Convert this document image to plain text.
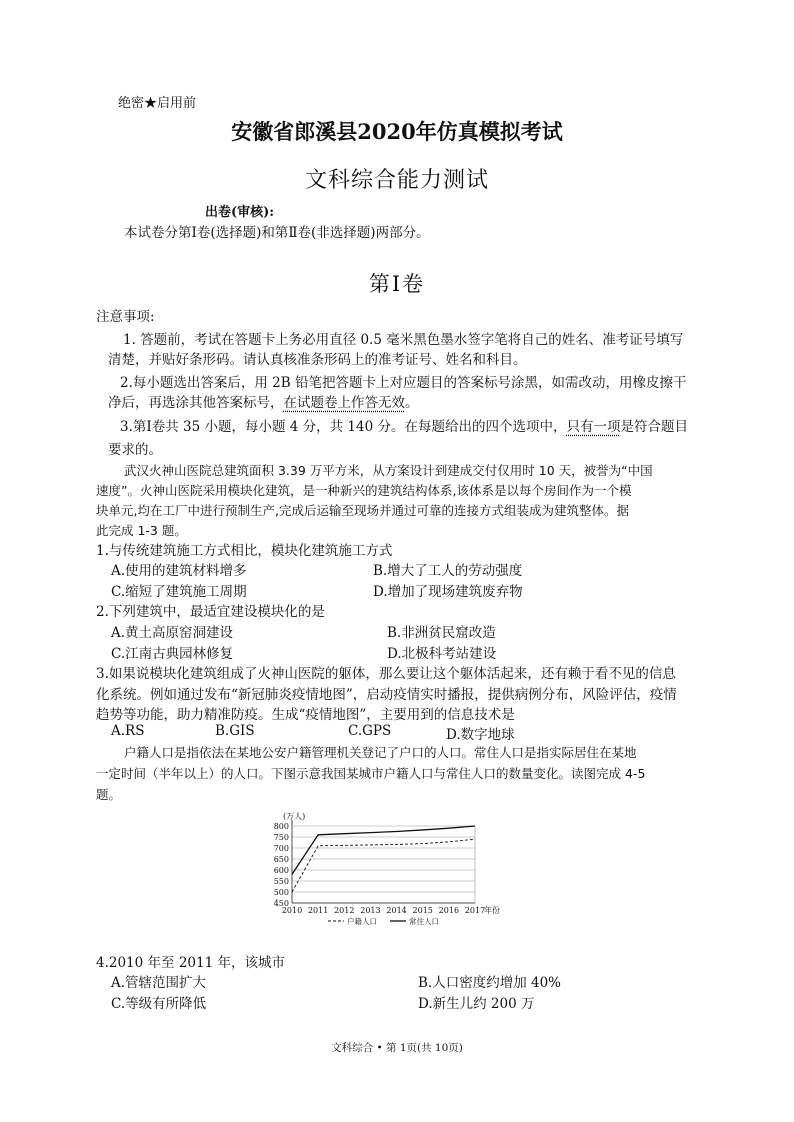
绝密★启用前
安徽省郎溪县2020年仿真模拟考试
文科综合能力测试
出卷(审核):
本试卷分第Ⅰ卷(选择题)和第Ⅱ卷(非选择题)两部分。
第Ⅰ卷
注意事项:
1. 答题前，考试在答题卡上务必用直径 0.5 毫米黑色墨水签字笔将自己的姓名、准考证号填写
清楚，并贴好条形码。请认真核准条形码上的准考证号、姓名和科目。
2.每小题选出答案后，用 2B 铅笔把答题卡上对应题目的答案标号涂黑，如需改动，用橡皮擦干
净后，再选涂其他答案标号，在试题卷上作答无效。
3.第Ⅰ卷共 35 小题，每小题 4 分，共 140 分。在每题给出的四个选项中，只有一项是符合题目
要求的。
武汉火神山医院总建筑面积 3.39 万平方米，从方案设计到建成交付仅用时 10 天，被誉为“中国
速度”。火神山医院采用模块化建筑，是一种新兴的建筑结构体系,该体系是以每个房间作为一个模
块单元,均在工厂中进行预制生产,完成后运输至现场并通过可靠的连接方式组装成为建筑整体。据
此完成 1-3 题。
1.与传统建筑施工方式相比，模块化建筑施工方式
A.使用的建筑材料增多	B.增大了工人的劳动强度
C.缩短了建筑施工周期	D.增加了现场建筑废弃物
2.下列建筑中，最适宜建设模块化的是
A.黄土高原窑洞建设	B.非洲贫民窟改造
C.江南古典园林修复	D.北极科考站建设
3.如果说模块化建筑组成了火神山医院的躯体，那么要让这个躯体活起来，还有赖于看不见的信息
化系统。例如通过发布“新冠肺炎疫情地图”，启动疫情实时播报，提供病例分布，风险评估，疫情
趋势等功能，助力精准防疫。生成“疫情地图”，主要用到的信息技术是
A.RS	B.GIS	C.GPS	D.数字地球
户籍人口是指依法在某地公安户籍管理机关登记了户口的人口。常住人口是指实际居住在某地
一定时间（半年以上）的人口。下图示意我国某城市户籍人口与常住人口的数量变化。读图完成 4-5
题。
450
500
550
600
650
700
750
800
(万人)
2010 2011 2012 2013 2014 2015 2016 2017
年份
户籍人口	常住人口
4.2010 年至 2011 年，该城市
A.管辖范围扩大	B.人口密度约增加 40%
C.等级有所降低	D.新生儿约 200 万
文科综合 • 第 1页(共 10页)
